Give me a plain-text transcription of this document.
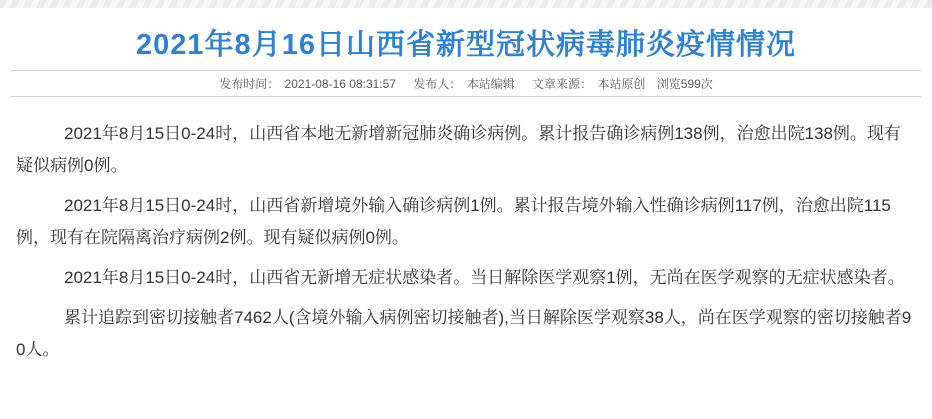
2021年8月16日山西省新型冠状病毒肺炎疫情情况
发布时间： 2021-08-16 08:31:57 发布人： 本站编辑 文章来源： 本站原创 浏览599次

2021年8月15日0-24时，山西省本地无新增新冠肺炎确诊病例。累计报告确诊病例138例，治愈出院138例。现有疑似病例0例。

2021年8月15日0-24时，山西省新增境外输入确诊病例1例。累计报告境外输入性确诊病例117例，治愈出院115例，现有在院隔离治疗病例2例。现有疑似病例0例。

2021年8月15日0-24时，山西省无新增无症状感染者。当日解除医学观察1例，无尚在医学观察的无症状感染者。

累计追踪到密切接触者7462人(含境外输入病例密切接触者),当日解除医学观察38人，尚在医学观察的密切接触者90人。
